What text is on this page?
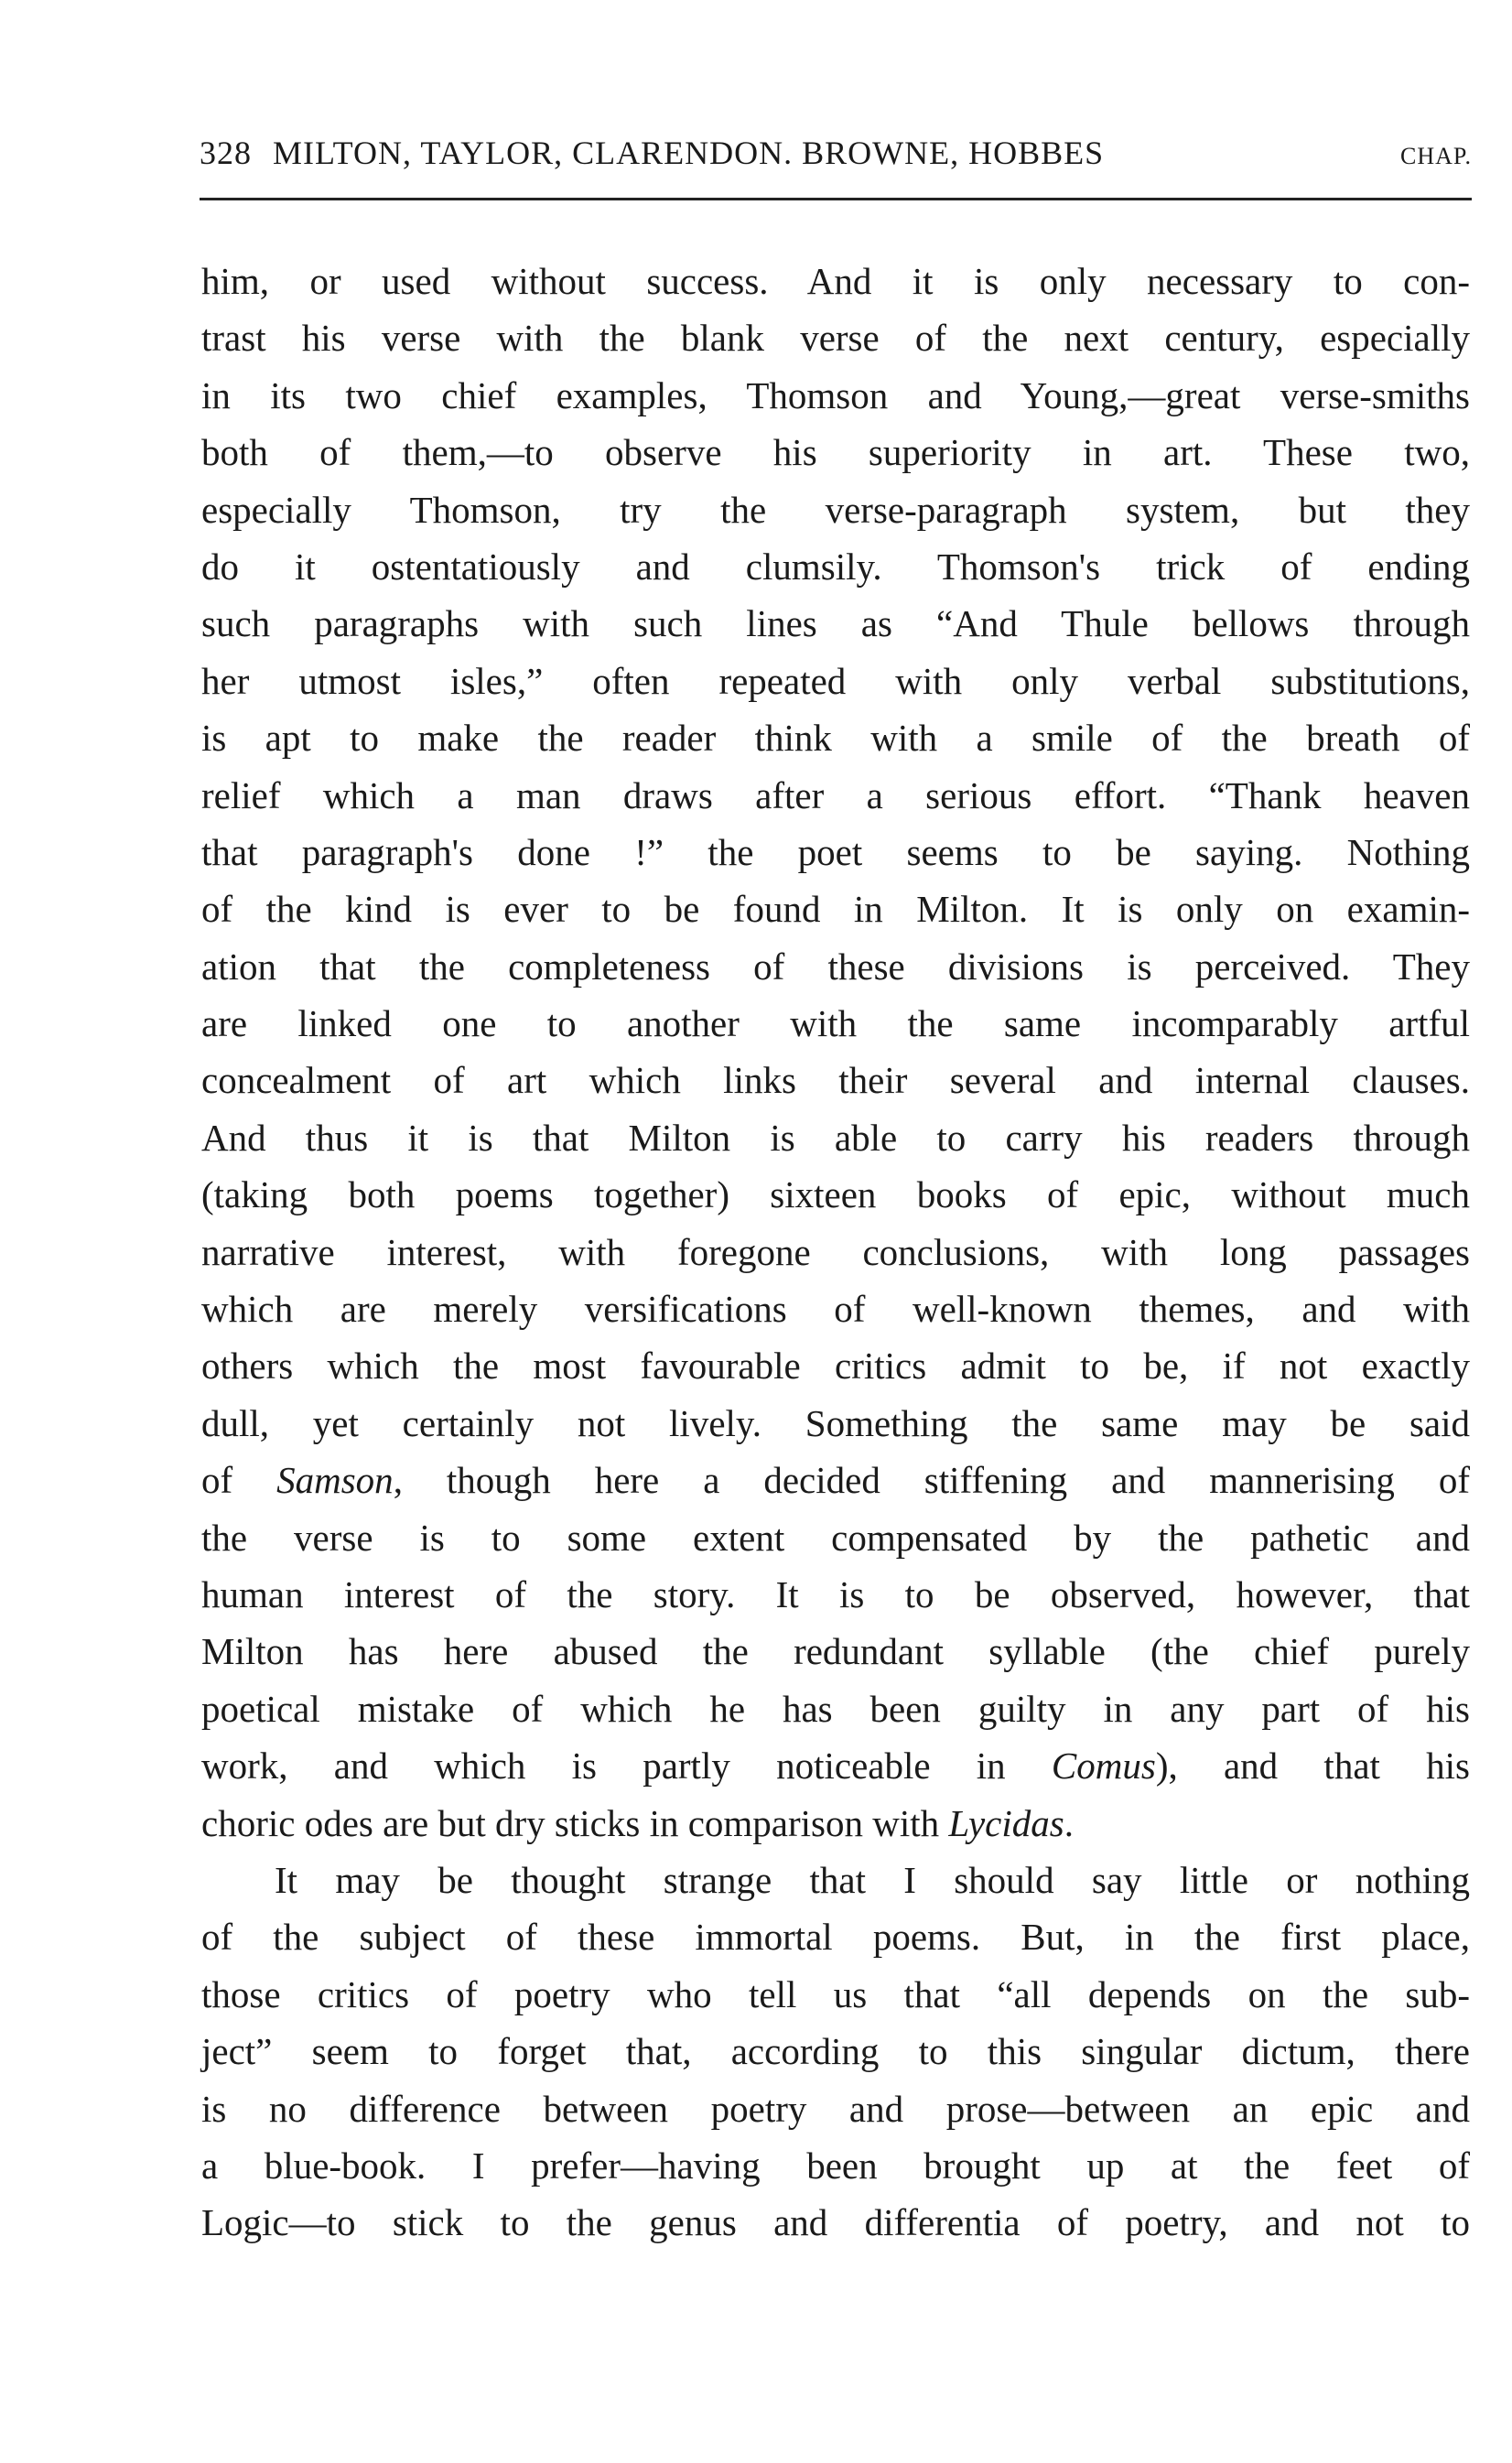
328 MILTON, TAYLOR, CLARENDON. BROWNE, HOBBES	CHAP.
him, or used without success. And it is only necessary to con-
trast his verse with the blank verse of the next century, especially
in its two chief examples, Thomson and Young,—great verse-smiths
both of them,—to observe his superiority in art. These two,
especially Thomson, try the verse-paragraph system, but they
do it ostentatiously and clumsily. Thomson's trick of ending
such paragraphs with such lines as “And Thule bellows through
her utmost isles,” often repeated with only verbal substitutions,
is apt to make the reader think with a smile of the breath of
relief which a man draws after a serious effort. “Thank heaven
that paragraph's done !” the poet seems to be saying. Nothing
of the kind is ever to be found in Milton. It is only on examin-
ation that the completeness of these divisions is perceived. They
are linked one to another with the same incomparably artful
concealment of art which links their several and internal clauses.
And thus it is that Milton is able to carry his readers through
(taking both poems together) sixteen books of epic, without much
narrative interest, with foregone conclusions, with long passages
which are merely versifications of well-known themes, and with
others which the most favourable critics admit to be, if not exactly
dull, yet certainly not lively. Something the same may be said
of Samson, though here a decided stiffening and mannerising of
the verse is to some extent compensated by the pathetic and
human interest of the story. It is to be observed, however, that
Milton has here abused the redundant syllable (the chief purely
poetical mistake of which he has been guilty in any part of his
work, and which is partly noticeable in Comus), and that his
choric odes are but dry sticks in comparison with Lycidas.
It may be thought strange that I should say little or nothing
of the subject of these immortal poems. But, in the first place,
those critics of poetry who tell us that “all depends on the sub-
ject” seem to forget that, according to this singular dictum, there
is no difference between poetry and prose—between an epic and
a blue-book. I prefer—having been brought up at the feet of
Logic—to stick to the genus and differentia of poetry, and not to
